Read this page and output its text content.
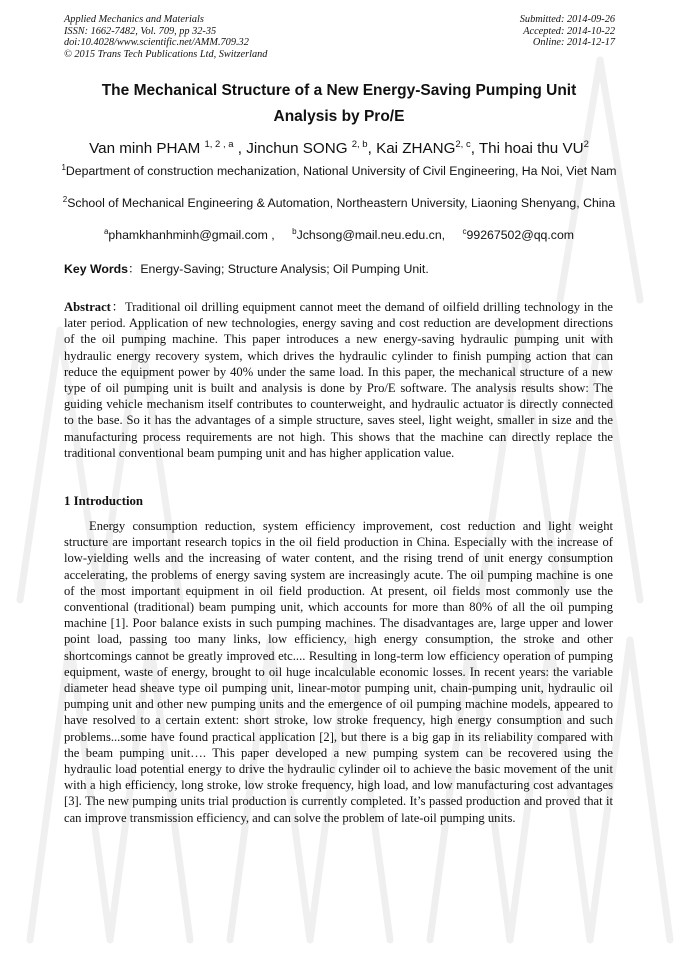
Applied Mechanics and Materials
ISSN: 1662-7482, Vol. 709, pp 32-35
doi:10.4028/www.scientific.net/AMM.709.32
© 2015 Trans Tech Publications Ltd, Switzerland
Submitted: 2014-09-26
Accepted: 2014-10-22
Online: 2014-12-17
The Mechanical Structure of a New Energy-Saving Pumping Unit
Analysis by Pro/E
Van minh PHAM $^{1, 2 , a}$ , Jinchun SONG $^{2, b}$, Kai ZHANG$^{2, c}$, Thi hoai thu $VU^2$
$^1$Department of construction mechanization, National University of Civil Engineering, Ha Noi, Viet Nam
$^2$School of Mechanical Engineering & Automation, Northeastern University, Liaoning Shenyang, China
$^a$phamkhanhminh@gmail.com , $^b$Jchsong@mail.neu.edu.cn, $^c$99267502@qq.com
Key Words：Energy-Saving; Structure Analysis; Oil Pumping Unit.
Abstract：Traditional oil drilling equipment cannot meet the demand of oilfield drilling technology in the later period. Application of new technologies, energy saving and cost reduction are development directions of the oil pumping machine. This paper introduces a new energy-saving hydraulic pumping unit with hydraulic energy recovery system, which drives the hydraulic cylinder to finish pumping action that can reduce the equipment power by 40% under the same load. In this paper, the mechanical structure of a new type of oil pumping unit is built and analysis is done by Pro/E software. The analysis results show: The guiding vehicle mechanism itself contributes to counterweight, and hydraulic actuator is directly connected to the base. So it has the advantages of a simple structure, saves steel, light weight, smaller in size and the manufacturing process requirements are not high. This shows that the machine can directly replace the traditional conventional beam pumping unit and has higher application value.
1 Introduction
Energy consumption reduction, system efficiency improvement, cost reduction and light weight structure are important research topics in the oil field production in China. Especially with the increase of low-yielding wells and the increasing of water content, and the rising trend of unit energy consumption accelerating, the problems of energy saving system are increasingly acute. The oil pumping machine is one of the most important equipment in oil field production. At present, oil fields most commonly use the conventional (traditional) beam pumping unit, which accounts for more than 80% of all the oil pumping machine [1]. Poor balance exists in such pumping machines. The disadvantages are, large upper and lower point load, passing too many links, low efficiency, high energy consumption, the stroke and other shortcomings cannot be greatly improved etc.... Resulting in long-term low efficiency operation of pumping equipment, waste of energy, brought to oil huge incalculable economic losses. In recent years: the variable diameter head sheave type oil pumping unit, linear-motor pumping unit, chain-pumping unit, hydraulic oil pumping unit and other new pumping units and the emergence of oil pumping machine models, appeared to have resolved to a certain extent: short stroke, low stroke frequency, high energy consumption and such problems...some have found practical application [2], but there is a big gap in its reliability compared with the beam pumping unit…. This paper developed a new pumping system can be recovered using the hydraulic load potential energy to drive the hydraulic cylinder oil to achieve the basic movement of the unit with a high efficiency, long stroke, low stroke frequency, high load, and low manufacturing cost advantages [3]. The new pumping units trial production is currently completed. It’s passed production and proved that it can improve transmission efficiency, and can solve the problem of late-oil pumping units.
